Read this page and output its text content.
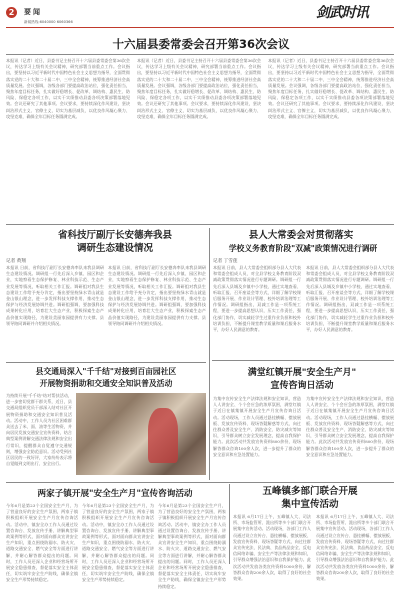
2	要闻
新闻热线:6040000 6060366
剑武时讯
十六届县委常委会召开第36次会议
本报讯（记者）近日，县委书记主持召开十六届县委常委会第36次会议，传达学习上级有关会议精神，研究部署当前重点工作。会议指出，要坚持以习近平新时代中国特色社会主义思想为指导，全面贯彻落实党的二十大和二十届二中、三中全会精神，统筹推进经济社会高质量发展。会议强调，各级各部门要提高政治站位，强化责任担当，聚焦年度目标任务，扎实做好稳增长、促改革、调结构、惠民生、防风险、保稳定各项工作，以实干实绩推动县委各项决策部署落地见效。会议还研究了其他事项。会议要求，要持续深化作风建设，坚决纠治形式主义、官僚主义，切实为基层减负，以优良作风凝心聚力、攻坚克难，确保全年目标任务圆满完成。
本报讯（记者）近日，县委书记主持召开十六届县委常委会第36次会议，传达学习上级有关会议精神，研究部署当前重点工作。会议指出，要坚持以习近平新时代中国特色社会主义思想为指导，全面贯彻落实党的二十大和二十届二中、三中全会精神，统筹推进经济社会高质量发展。会议强调，各级各部门要提高政治站位，强化责任担当，聚焦年度目标任务，扎实做好稳增长、促改革、调结构、惠民生、防风险、保稳定各项工作，以实干实绩推动县委各项决策部署落地见效。会议还研究了其他事项。会议要求，要持续深化作风建设，坚决纠治形式主义、官僚主义，切实为基层减负，以优良作风凝心聚力、攻坚克难，确保全年目标任务圆满完成。
本报讯（记者）近日，县委书记主持召开十六届县委常委会第36次会议，传达学习上级有关会议精神，研究部署当前重点工作。会议指出，要坚持以习近平新时代中国特色社会主义思想为指导，全面贯彻落实党的二十大和二十届二中、三中全会精神，统筹推进经济社会高质量发展。会议强调，各级各部门要提高政治站位，强化责任担当，聚焦年度目标任务，扎实做好稳增长、促改革、调结构、惠民生、防风险、保稳定各项工作，以实干实绩推动县委各项决策部署落地见效。会议还研究了其他事项。会议要求，要持续深化作风建设，坚决纠治形式主义、官僚主义，切实为基层减负，以优良作风凝心聚力、攻坚克难，确保全年目标任务圆满完成。
省科技厅副厅长安德奔我县
调研生态建设情况
记者 黄翔
本报讯 日前，省科技厅副厅长安德奔率队来我县调研生态建设情况。调研组一行先后深入乡镇、园区和企业，实地察看生态保护修复、林业科技示范、生态产业发展等情况，听取相关工作汇报。调研组对我县生态建设工作给予充分肯定，指出要坚持绿水青山就是金山银山理念，进一步发挥科技支撑作用，推动生态保护与经济发展协调共进。调研组强调，要加强科技成果转化应用，培育壮大生态产业，积极探索生态产品价值实现路径，为建设美丽家园提供有力支撑。县领导陪同调研并介绍相关情况。
本报讯 日前，省科技厅副厅长安德奔率队来我县调研生态建设情况。调研组一行先后深入乡镇、园区和企业，实地察看生态保护修复、林业科技示范、生态产业发展等情况，听取相关工作汇报。调研组对我县生态建设工作给予充分肯定，指出要坚持绿水青山就是金山银山理念，进一步发挥科技支撑作用，推动生态保护与经济发展协调共进。调研组强调，要加强科技成果转化应用，培育壮大生态产业，积极探索生态产品价值实现路径，为建设美丽家园提供有力支撑。县领导陪同调研并介绍相关情况。
县人大常委会对贯彻落实
学校义务教育阶段"双减"政策情况进行调研
记者 丁雪莲
本报讯 日前，县人大常委会组织部分县人大代表和常委会组成人员，对全县学校义务教育阶段双减政策贯彻落实情况进行专题调研。调研组一行先后深入县城及乡镇中小学校，通过实地查看、听取汇报、召开座谈会等方式，详细了解学校课后服务开展、作业设计管理、校外培训治理等工作情况。调研组指出，双减工作是一项系统工程，要进一步提高思想认识，压实工作责任，强化部门协作，切实减轻学生过重作业负担和校外培训负担，不断提升课堂教学质量和课后服务水平，办好人民满意的教育。
本报讯 日前，县人大常委会组织部分县人大代表和常委会组成人员，对全县学校义务教育阶段双减政策贯彻落实情况进行专题调研。调研组一行先后深入县城及乡镇中小学校，通过实地查看、听取汇报、召开座谈会等方式，详细了解学校课后服务开展、作业设计管理、校外培训治理等工作情况。调研组指出，双减工作是一项系统工程，要进一步提高思想认识，压实工作责任，强化部门协作，切实减轻学生过重作业负担和校外培训负担，不断提升课堂教学质量和课后服务水平，办好人民满意的教育。
县交通局深入"千千结"对接到百亩园社区
开展物资捐助和交通安全知识普及活动
为持续开展"千千结"结对帮扶活动，进一步密切党群干群关系，近日，县交通局组织党员干部深入结对社区开展物资捐助和交通安全知识普及活动。活动中，工作人员为社区困难群众送去了米、面、油等生活物资，并向居民发放交通安全宣传资料，结合典型案例讲解交通法律法规和安全出行常识，提醒群众自觉遵守交通规则，增强安全防范意识。活动受到社区居民的一致好评，大家纷纷表示将自觉做到文明出行、安全出行。
满堂红镇开展"安全生产月"
宣传咨询日活动
为集中宣传安全生产法律法规和安全知识，营造人人讲安全、个个会应急的浓厚氛围，满堂红镇于近日在镇集镇开展安全生产月宣传咨询日活动。活动现场，工作人员通过悬挂横幅、摆放展板、发放宣传资料、现场答疑解惑等方式，向过往群众普及安全生产、消防安全、防灾减灾等知识，引导群众树立安全发展理念，提高自我保护能力。此次活动共发放宣传资料800余份，现场解答群众咨询100余人次，进一步提升了群众的安全意识和应急处置能力。
为集中宣传安全生产法律法规和安全知识，营造人人讲安全、个个会应急的浓厚氛围，满堂红镇于近日在镇集镇开展安全生产月宣传咨询日活动。活动现场，工作人员通过悬挂横幅、摆放展板、发放宣传资料、现场答疑解惑等方式，向过往群众普及安全生产、消防安全、防灾减灾等知识，引导群众树立安全发展理念，提高自我保护能力。此次活动共发放宣传资料800余份，现场解答群众咨询100余人次，进一步提升了群众的安全意识和应急处置能力。
两家子镇开展"安全生产月"宣传咨询活动
今年6月是第23个全国安全生产月，为了营造良好的安全生产氛围，两家子镇积极组织开展安全生产月宣传咨询活动。活动中，镇安全办工作人员通过设置咨询台、发放宣传手册、讲解典型事故案例等形式，面对面向群众宣讲安全生产知识，重点围绕防溺水、防火灾、道路交通安全、燃气安全等方面进行讲解，并耐心解答群众提出的问题。同时，工作人员还深入企业和经营场所开展安全隐患排查，督促落实安全主体责任，切实筑牢安全生产防线，确保全镇安全生产形势持续稳定。
今年6月是第23个全国安全生产月，为了营造良好的安全生产氛围，两家子镇积极组织开展安全生产月宣传咨询活动。活动中，镇安全办工作人员通过设置咨询台、发放宣传手册、讲解典型事故案例等形式，面对面向群众宣讲安全生产知识，重点围绕防溺水、防火灾、道路交通安全、燃气安全等方面进行讲解，并耐心解答群众提出的问题。同时，工作人员还深入企业和经营场所开展安全隐患排查，督促落实安全主体责任，切实筑牢安全生产防线，确保全镇安全生产形势持续稳定。
今年6月是第23个全国安全生产月，为了营造良好的安全生产氛围，两家子镇积极组织开展安全生产月宣传咨询活动。活动中，镇安全办工作人员通过设置咨询台、发放宣传手册、讲解典型事故案例等形式，面对面向群众宣讲安全生产知识，重点围绕防溺水、防火灾、道路交通安全、燃气安全等方面进行讲解，并耐心解答群众提出的问题。同时，工作人员还深入企业和经营场所开展安全隐患排查，督促落实安全主体责任，切实筑牢安全生产防线，确保全镇安全生产形势持续稳定。
五峰镇多部门联合开展
集中宣传活动
本报讯 6月17日上午，五峰镇人大、司法所、市场监管所、派出所等多个部门联合开展集中宣传活动。活动现场，各部门工作人员通过设立宣传台、悬挂横幅、摆放展板、发放宣传资料、现场答疑等方式，向过往群众宣传宪法、民法典、食品药品安全、反电信网络诈骗、安全生产等法律法规和知识，引导群众增强法治意识和自我保护能力。此次活动共发放各类宣传资料1000余份，解答群众咨询200余人次，取得了良好的社会效果。
本报讯 6月17日上午，五峰镇人大、司法所、市场监管所、派出所等多个部门联合开展集中宣传活动。活动现场，各部门工作人员通过设立宣传台、悬挂横幅、摆放展板、发放宣传资料、现场答疑等方式，向过往群众宣传宪法、民法典、食品药品安全、反电信网络诈骗、安全生产等法律法规和知识，引导群众增强法治意识和自我保护能力。此次活动共发放各类宣传资料1000余份，解答群众咨询200余人次，取得了良好的社会效果。
